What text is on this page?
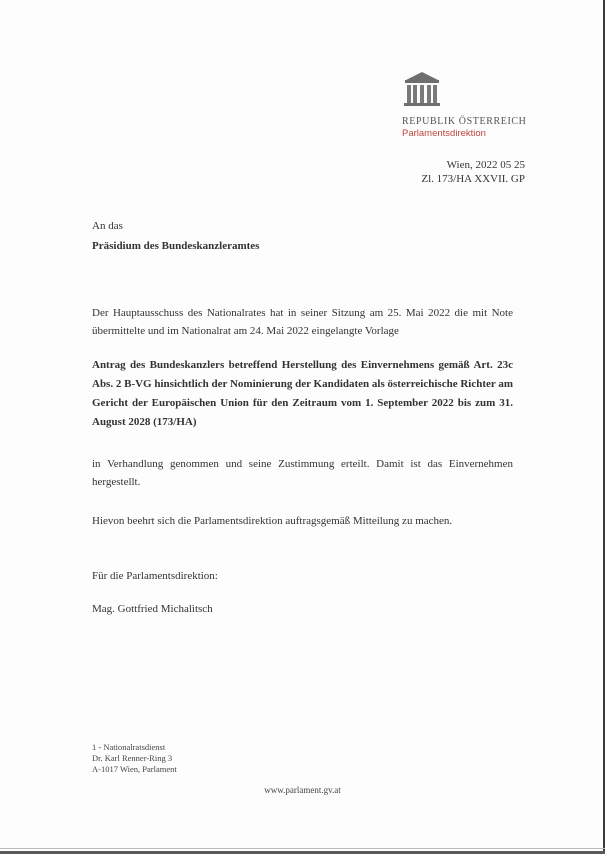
REPUBLIK ÖSTERREICH
Parlamentsdirektion
Wien, 2022 05 25
Zl. 173/HA XXVII. GP
An das
Präsidium des Bundeskanzleramtes
Der Hauptausschuss des Nationalrates hat in seiner Sitzung am 25. Mai 2022 die mit Note übermittelte und im Nationalrat am 24. Mai 2022 eingelangte Vorlage
Antrag des Bundeskanzlers betreffend Herstellung des Einvernehmens gemäß Art. 23c Abs. 2 B-VG hinsichtlich der Nominierung der Kandidaten als österreichische Richter am Gericht der Europäischen Union für den Zeitraum vom 1. September 2022 bis zum 31. August 2028 (173/HA)
in Verhandlung genommen und seine Zustimmung erteilt. Damit ist das Einvernehmen hergestellt.
Hievon beehrt sich die Parlamentsdirektion auftragsgemäß Mitteilung zu machen.
Für die Parlamentsdirektion:
Mag. Gottfried Michalitsch
1 - Nationalratsdienst
Dr. Karl Renner-Ring 3
A-1017 Wien, Parlament
www.parlament.gv.at
